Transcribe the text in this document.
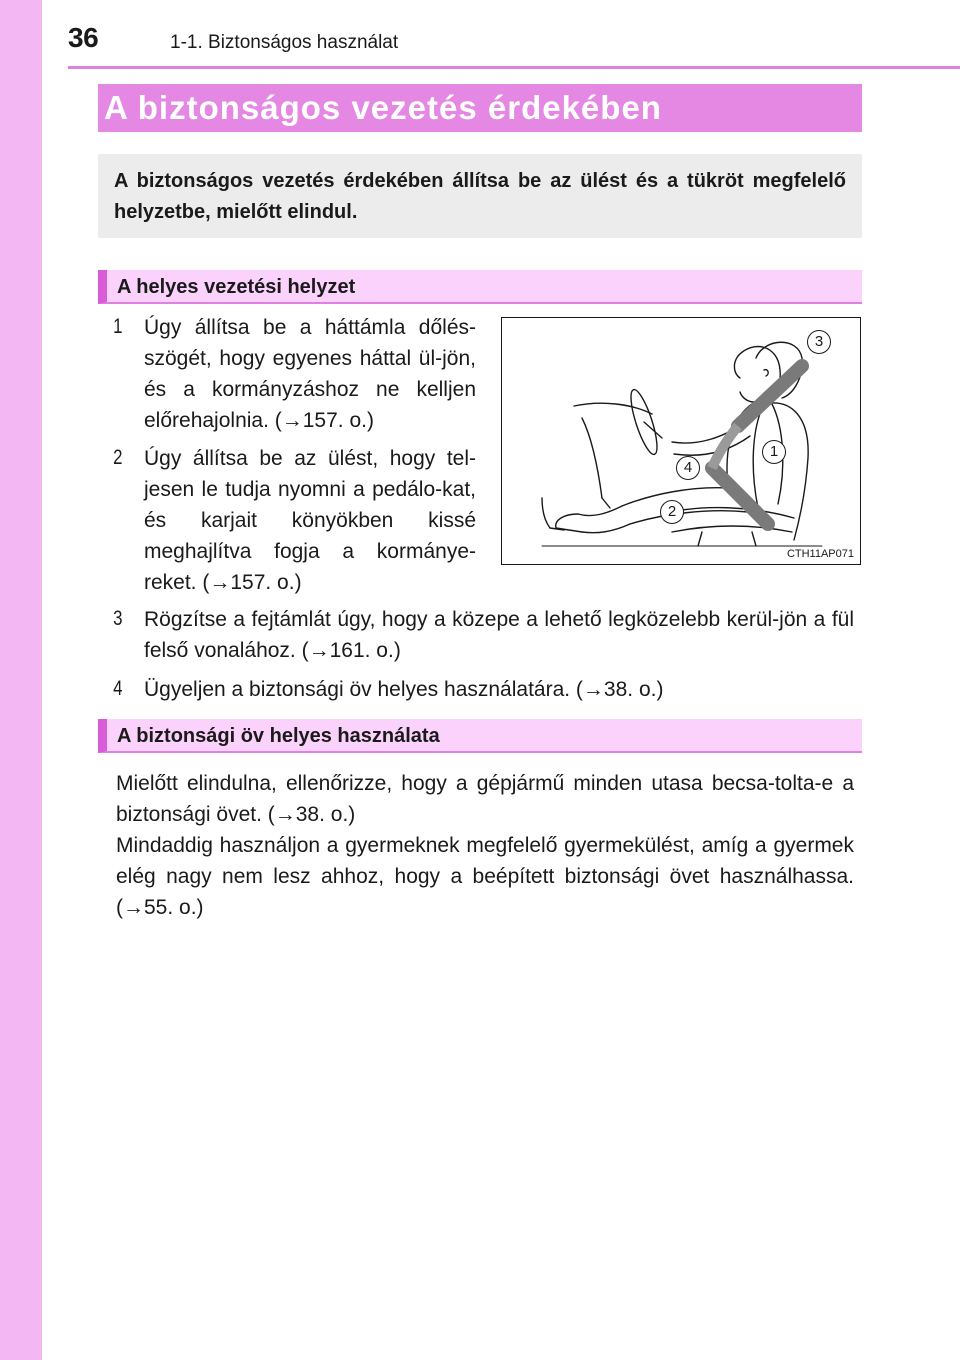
36	1-1. Biztonságos használat
A biztonságos vezetés érdekében
A biztonságos vezetés érdekében állítsa be az ülést és a tükröt megfelelő helyzetbe, mielőtt elindul.
A helyes vezetési helyzet
1 Úgy állítsa be a háttámla dőlés-szögét, hogy egyenes háttal ül-jön, és a kormányzáshoz ne kelljen előrehajolnia. (→157. o.)
2 Úgy állítsa be az ülést, hogy tel-jesen le tudja nyomni a pedálo-kat, és karjait könyökben kissé meghajlítva fogja a kormánye-reket. (→157. o.)
3 Rögzítse a fejtámlát úgy, hogy a közepe a lehető legközelebb kerül-jön a fül felső vonalához. (→161. o.)
4 Ügyeljen a biztonsági öv helyes használatára. (→38. o.)
3
1
4
2
CTH11AP071
A biztonsági öv helyes használata
Mielőtt elindulna, ellenőrizze, hogy a gépjármű minden utasa becsa-tolta-e a biztonsági övet. (→38. o.)
Mindaddig használjon a gyermeknek megfelelő gyermekülést, amíg a gyermek elég nagy nem lesz ahhoz, hogy a beépített biztonsági övet használhassa. (→55. o.)
